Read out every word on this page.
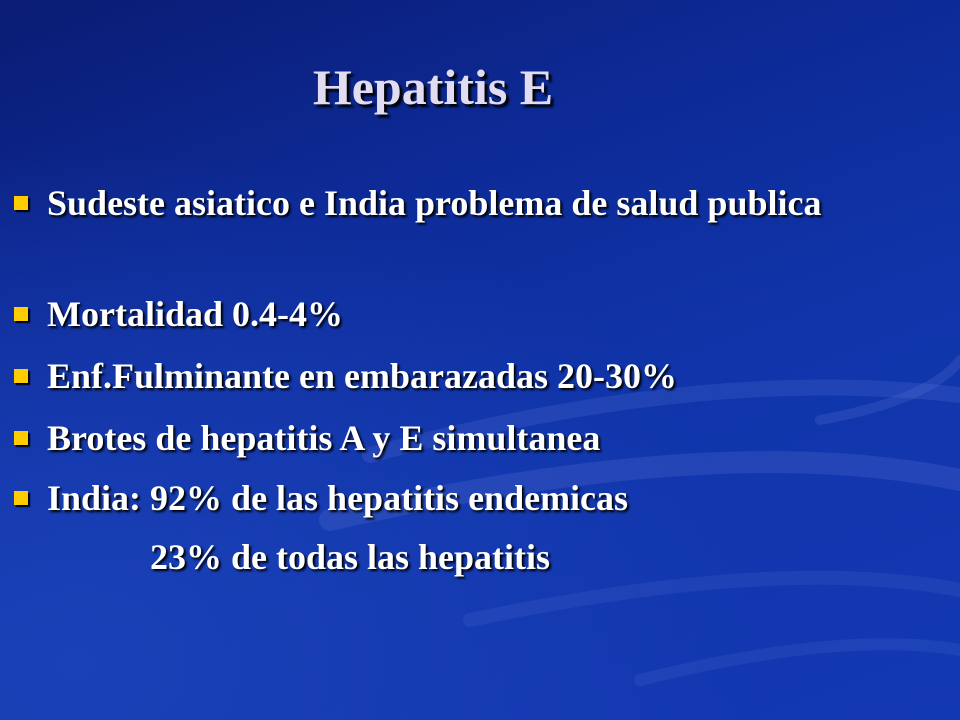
Hepatitis E
Sudeste asiatico e India problema de salud publica
Mortalidad 0.4-4%
Enf.Fulminante en embarazadas 20-30%
Brotes de hepatitis A y E simultanea
India: 92% de las hepatitis endemicas
23% de todas las hepatitis
